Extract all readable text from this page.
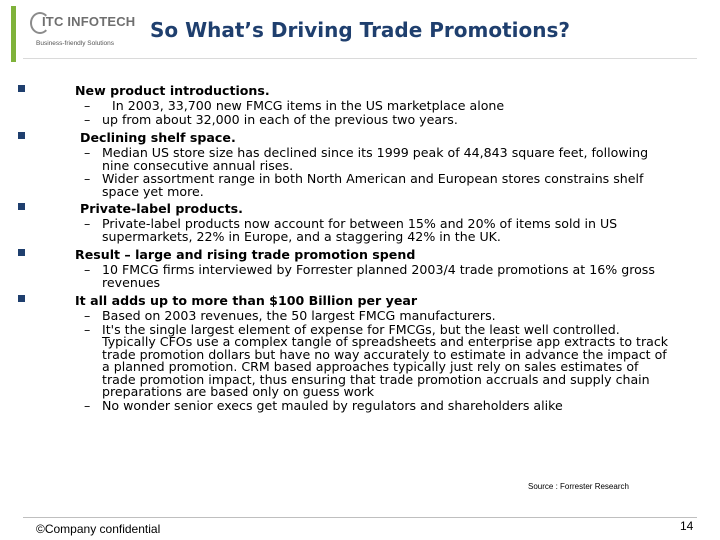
ITC INFOTECH
Business-friendly Solutions
So What’s Driving Trade Promotions?
New product introductions.
–	In 2003, 33,700 new FMCG items in the US marketplace alone
– up from about 32,000 in each of the previous two years.
Declining shelf space.
– Median US store size has declined since its 1999 peak of 44,843 square feet, following nine consecutive annual rises.
– Wider assortment range in both North American and European stores constrains shelf space yet more.
Private-label products.
– Private-label products now account for between 15% and 20% of items sold in US supermarkets, 22% in Europe, and a staggering 42% in the UK.
Result – large and rising trade promotion spend
– 10 FMCG firms interviewed by Forrester planned 2003/4 trade promotions at 16% gross revenues
It all adds up to more than $100 Billion per year
– Based on 2003 revenues, the 50 largest FMCG manufacturers.
– It's the single largest element of expense for FMCGs, but the least well controlled. Typically CFOs use a complex tangle of spreadsheets and enterprise app extracts to track trade promotion dollars but have no way accurately to estimate in advance the impact of a planned promotion. CRM based approaches typically just rely on sales estimates of trade promotion impact, thus ensuring that trade promotion accruals and supply chain preparations are based only on guess work
– No wonder senior execs get mauled by regulators and shareholders alike
Source : Forrester Research
©Company confidential	14
